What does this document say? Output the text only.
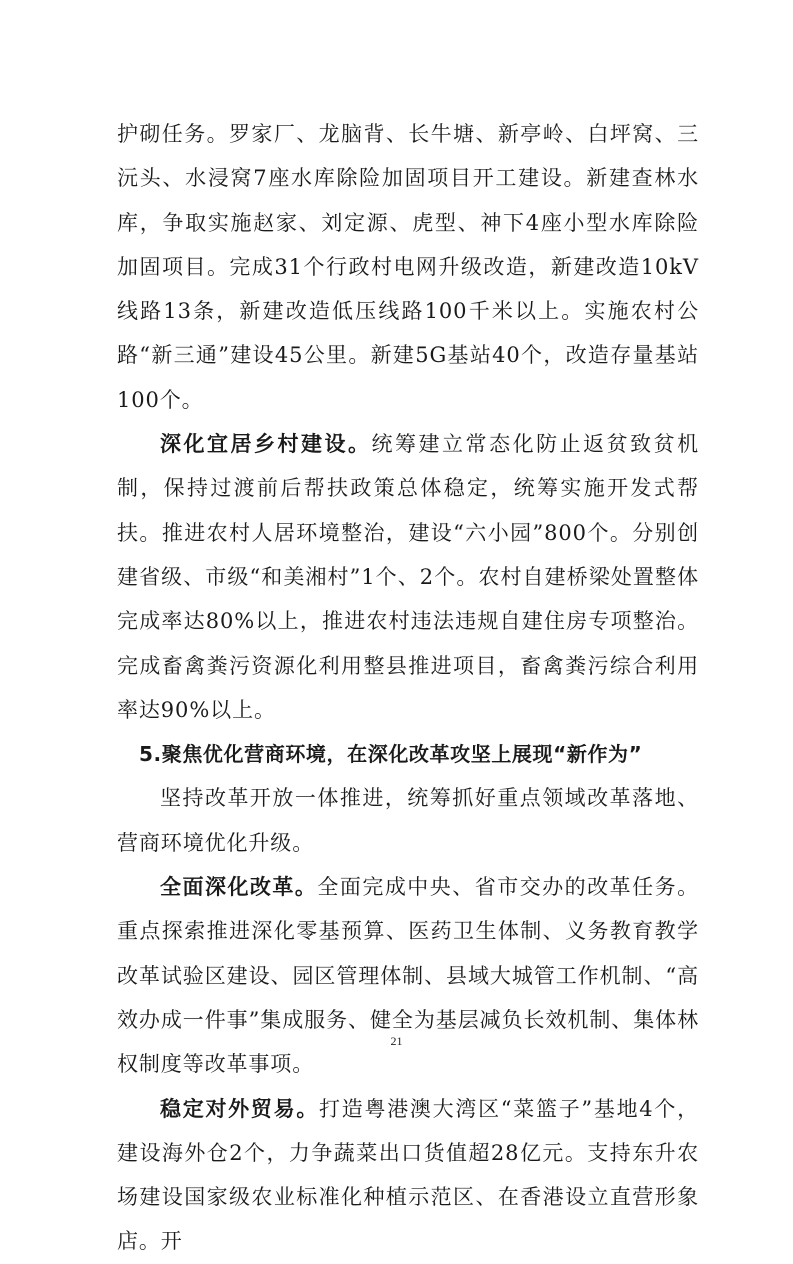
护砌任务。罗家厂、龙脑背、长牛塘、新亭岭、白坪窝、三沅头、水浸窝7座水库除险加固项目开工建设。新建查林水库，争取实施赵家、刘定源、虎型、神下4座小型水库除险加固项目。完成31个行政村电网升级改造，新建改造10kV线路13条，新建改造低压线路100千米以上。实施农村公路“新三通”建设45公里。新建5G基站40个，改造存量基站100个。

深化宜居乡村建设。统筹建立常态化防止返贫致贫机制，保持过渡前后帮扶政策总体稳定，统筹实施开发式帮扶。推进农村人居环境整治，建设“六小园”800个。分别创建省级、市级“和美湘村”1个、2个。农村自建桥梁处置整体完成率达80%以上，推进农村违法违规自建住房专项整治。完成畜禽粪污资源化利用整县推进项目，畜禽粪污综合利用率达90%以上。

5.聚焦优化营商环境，在深化改革攻坚上展现“新作为”

坚持改革开放一体推进，统筹抓好重点领域改革落地、营商环境优化升级。

全面深化改革。全面完成中央、省市交办的改革任务。重点探索推进深化零基预算、医药卫生体制、义务教育教学改革试验区建设、园区管理体制、县域大城管工作机制、“高效办成一件事”集成服务、健全为基层减负长效机制、集体林权制度等改革事项。

稳定对外贸易。打造粤港澳大湾区“菜篮子”基地4个，建设海外仓2个，力争蔬菜出口货值超28亿元。支持东升农场建设国家级农业标准化种植示范区、在香港设立直营形象店。开

21
